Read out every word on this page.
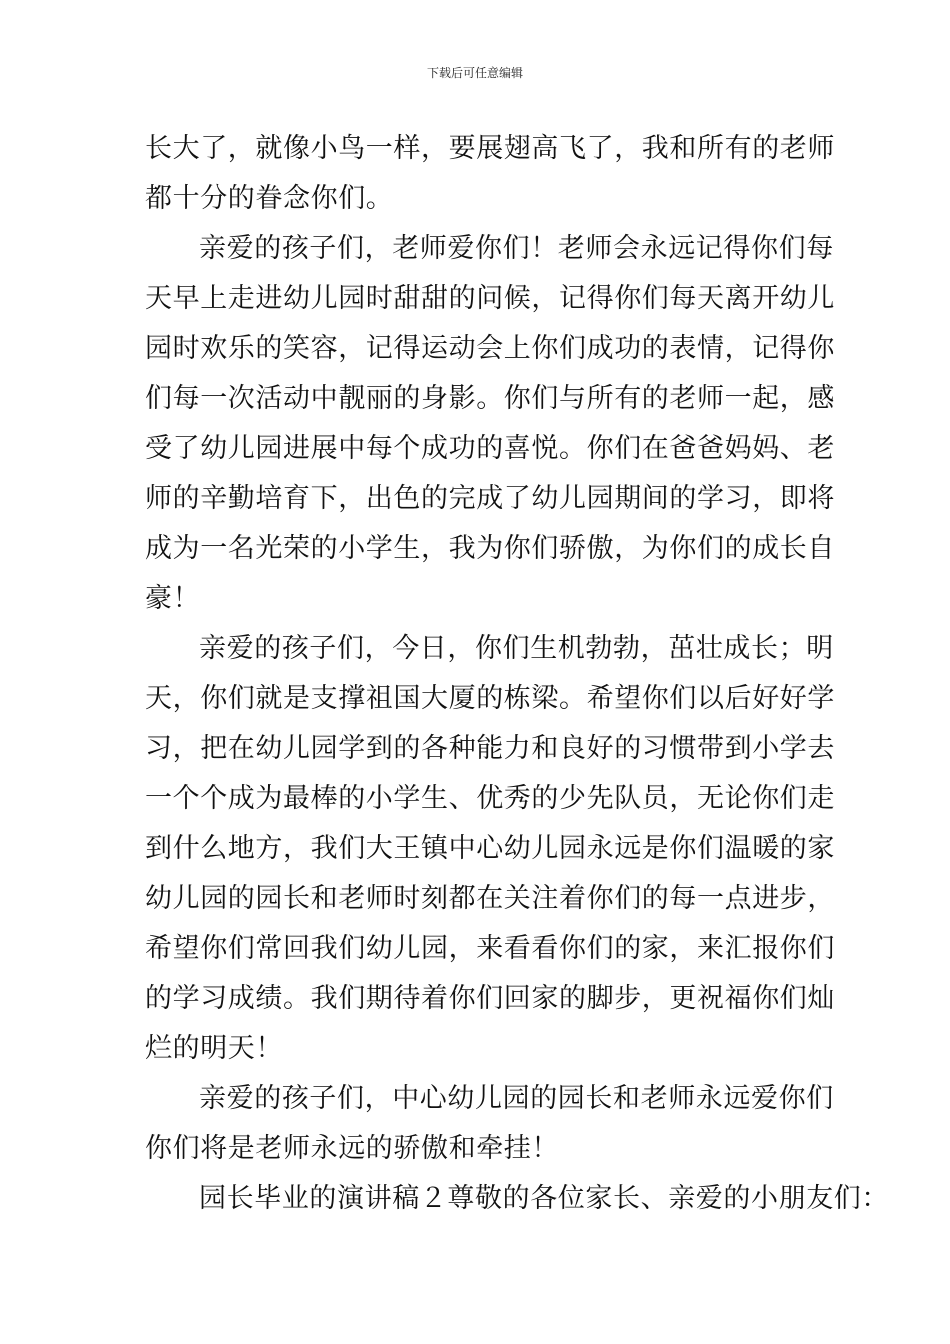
下载后可任意编辑
长大了，就像小鸟一样，要展翅高飞了，我和所有的老师
都十分的眷念你们。
亲爱的孩子们，老师爱你们！老师会永远记得你们每
天早上走进幼儿园时甜甜的问候，记得你们每天离开幼儿
园时欢乐的笑容，记得运动会上你们成功的表情，记得你
们每一次活动中靓丽的身影。你们与所有的老师一起，感
受了幼儿园进展中每个成功的喜悦。你们在爸爸妈妈、老
师的辛勤培育下，出色的完成了幼儿园期间的学习，即将
成为一名光荣的小学生，我为你们骄傲，为你们的成长自
豪！
亲爱的孩子们，今日，你们生机勃勃，茁壮成长；明
天，你们就是支撑祖国大厦的栋梁。希望你们以后好好学
习，把在幼儿园学到的各种能力和良好的习惯带到小学去
一个个成为最棒的小学生、优秀的少先队员，无论你们走
到什么地方，我们大王镇中心幼儿园永远是你们温暖的家
幼儿园的园长和老师时刻都在关注着你们的每一点进步，
希望你们常回我们幼儿园，来看看你们的家，来汇报你们
的学习成绩。我们期待着你们回家的脚步，更祝福你们灿
烂的明天！
亲爱的孩子们，中心幼儿园的园长和老师永远爱你们
你们将是老师永远的骄傲和牵挂！
园长毕业的演讲稿２尊敬的各位家长、亲爱的小朋友们：
